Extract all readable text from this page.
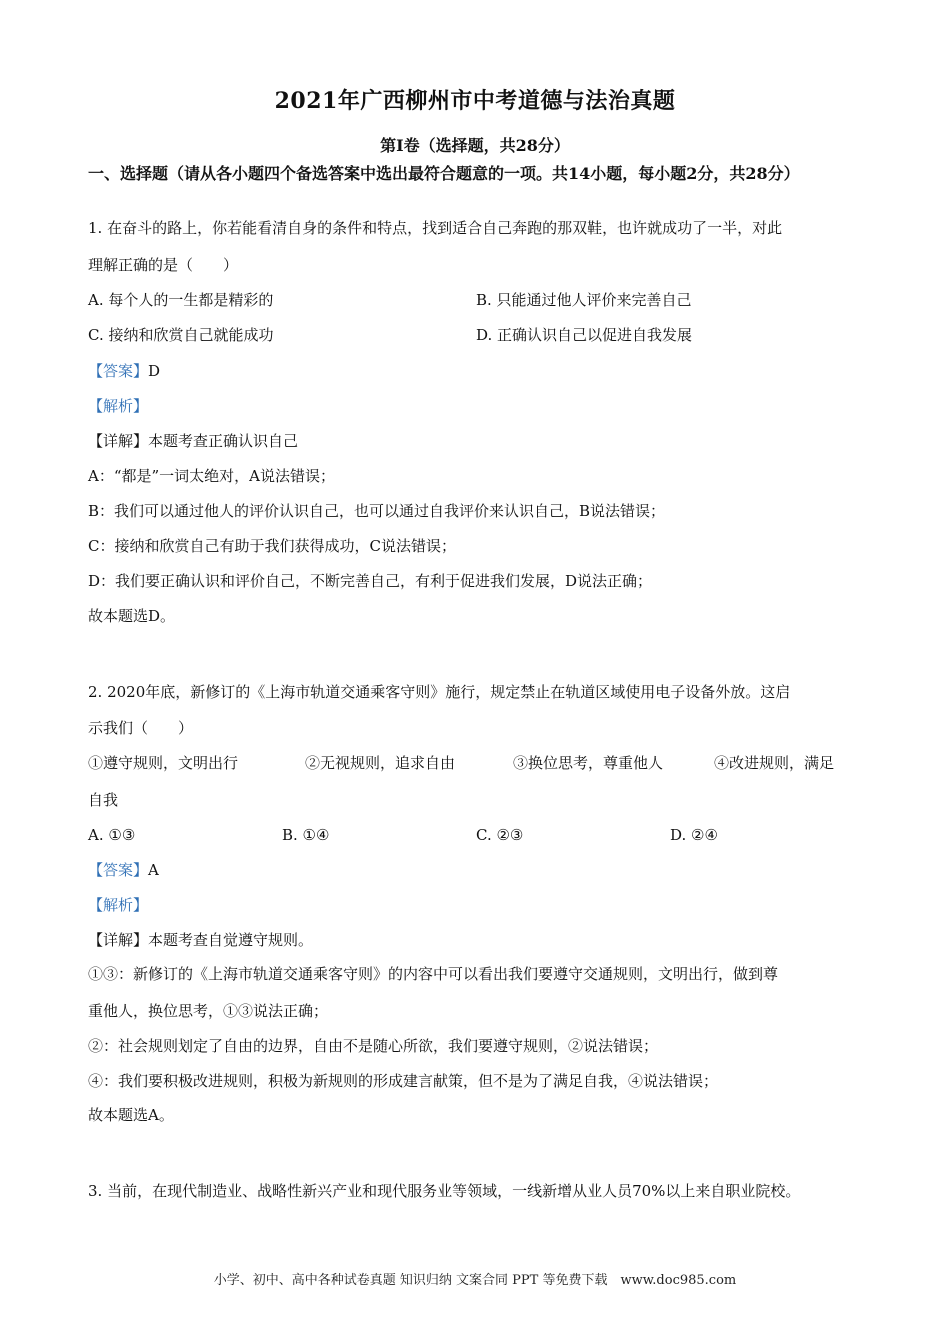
2021年广西柳州市中考道德与法治真题
第Ⅰ卷（选择题，共28分）
一、选择题（请从各小题四个备选答案中选出最符合题意的一项。共14小题，每小题2分，共28分）
1. 在奋斗的路上，你若能看清自身的条件和特点，找到适合自己奔跑的那双鞋，也许就成功了一半，对此
理解正确的是（　　）
A. 每个人的一生都是精彩的	B. 只能通过他人评价来完善自己
C. 接纳和欣赏自己就能成功	D. 正确认识自己以促进自我发展
【答案】D
【解析】
【详解】本题考查正确认识自己
A：“都是”一词太绝对，A说法错误；
B：我们可以通过他人的评价认识自己，也可以通过自我评价来认识自己，B说法错误；
C：接纳和欣赏自己有助于我们获得成功，C说法错误；
D：我们要正确认识和评价自己，不断完善自己，有利于促进我们发展，D说法正确；
故本题选D。
2. 2020年底，新修订的《上海市轨道交通乘客守则》施行，规定禁止在轨道区域使用电子设备外放。这启
示我们（　　）
①遵守规则，文明出行	②无视规则，追求自由	③换位思考，尊重他人	④改进规则，满足
自我
A. ①③	B. ①④	C. ②③	D. ②④
【答案】A
【解析】
【详解】本题考查自觉遵守规则。
①③：新修订的《上海市轨道交通乘客守则》的内容中可以看出我们要遵守交通规则，文明出行，做到尊
重他人，换位思考，①③说法正确；
②：社会规则划定了自由的边界，自由不是随心所欲，我们要遵守规则，②说法错误；
④：我们要积极改进规则，积极为新规则的形成建言献策，但不是为了满足自我，④说法错误；
故本题选A。
3. 当前，在现代制造业、战略性新兴产业和现代服务业等领域，一线新增从业人员70%以上来自职业院校。
小学、初中、高中各种试卷真题 知识归纳 文案合同 PPT 等免费下载　www.doc985.com
